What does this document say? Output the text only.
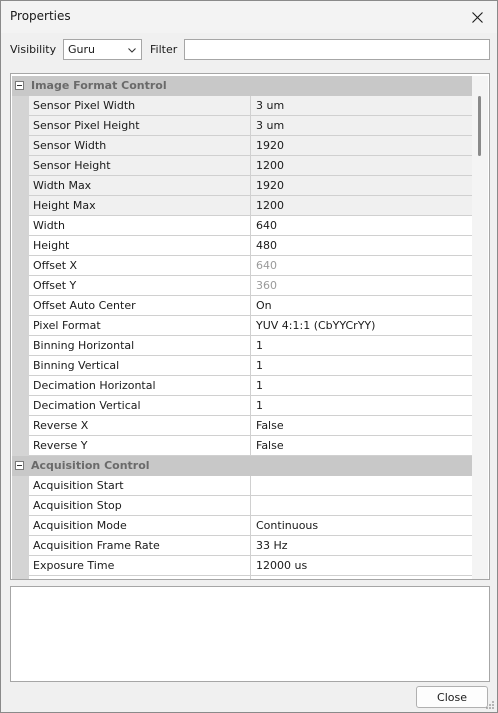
Properties
Visibility Guru	Filter
Image Format Control
Sensor Pixel Width	3 um
Sensor Pixel Height	3 um
Sensor Width	1920
Sensor Height	1200
Width Max	1920
Height Max	1200
Width	640
Height	480
Offset X	640
Offset Y	360
Offset Auto Center	On
Pixel Format	YUV 4:1:1 (CbYYCrYY)
Binning Horizontal	1
Binning Vertical	1
Decimation Horizontal	1
Decimation Vertical	1
Reverse X	False
Reverse Y	False
Acquisition Control
Acquisition Start
Acquisition Stop
Acquisition Mode	Continuous
Acquisition Frame Rate	33 Hz
Exposure Time	12000 us
Close
